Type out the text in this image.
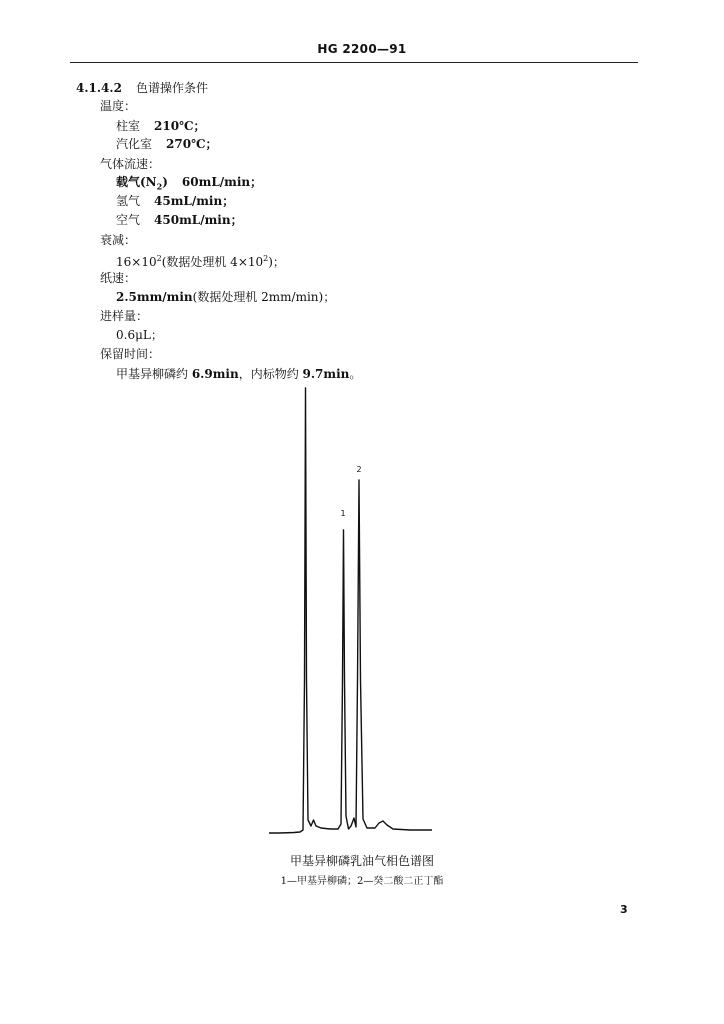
HG 2200—91
4.1.4.2 色谱操作条件
温度：
柱室 210℃；
汽化室 270℃；
气体流速：
载气$(N_2)$ 60mL/min；
氢气 45mL/min；
空气 450mL/min；
衰减：
$16\times 10^2$(数据处理机 $4\times 10^2$)；
纸速：
2.5mm/min(数据处理机 2mm/min)；
进样量：
0.6μL；
保留时间：
甲基异柳磷约 6.9min，内标物约 9.7min。
1
2
甲基异柳磷乳油气相色谱图
1—甲基异柳磷；2—癸二酸二正丁酯
3
